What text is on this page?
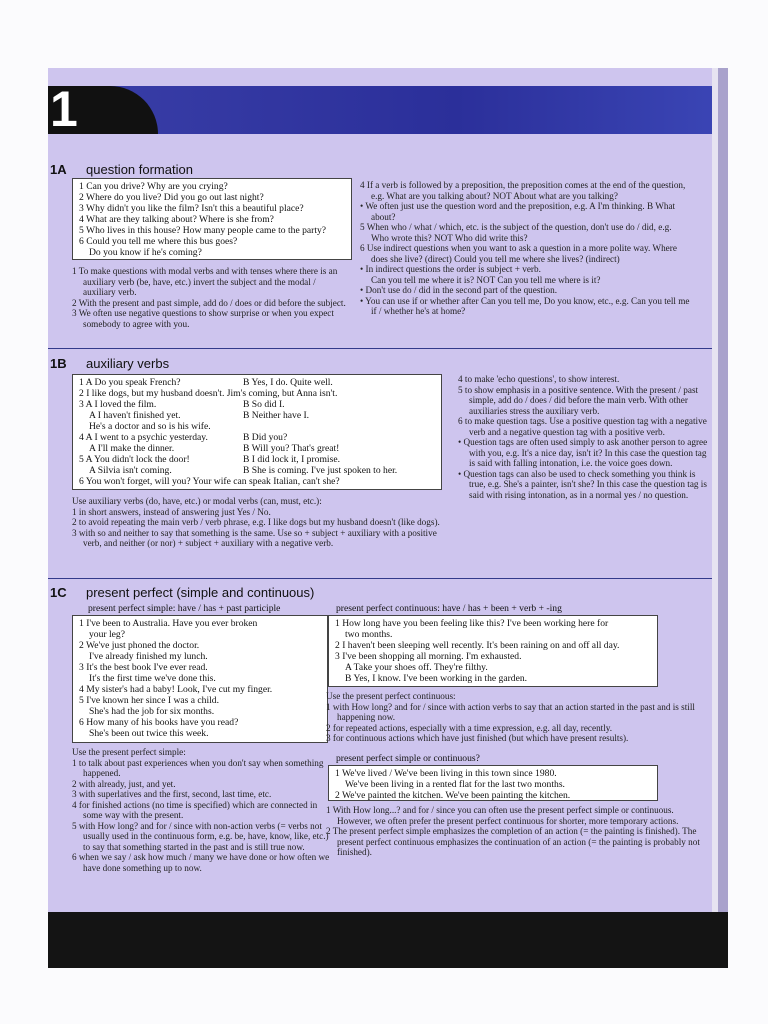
1
1A question formation
1 Can you drive? Why are you crying?
2 Where do you live? Did you go out last night?
3 Why didn't you like the film? Isn't this a beautiful place?
4 What are they talking about? Where is she from?
5 Who lives in this house? How many people came to the party?
6 Could you tell me where this bus goes?
Do you know if he's coming?

1 To make questions with modal verbs and with tenses where there is an auxiliary verb (be, have, etc.) invert the subject and the modal / auxiliary verb.

2 With the present and past simple, add do / does or did before the subject.

3 We often use negative questions to show surprise or when you expect somebody to agree with you.

4 If a verb is followed by a preposition, the preposition comes at the end of the question, e.g. What are you talking about? NOT About what are you talking?

• We often just use the question word and the preposition, e.g. A I'm thinking. B What about?

5 When who / what / which, etc. is the subject of the question, don't use do / did, e.g. Who wrote this? NOT Who did write this?

6 Use indirect questions when you want to ask a question in a more polite way. Where does she live? (direct) Could you tell me where she lives? (indirect)

• In indirect questions the order is subject + verb.

Can you tell me where it is? NOT Can you tell me where is it?

• Don't use do / did in the second part of the question.

• You can use if or whether after Can you tell me, Do you know, etc., e.g. Can you tell me if / whether he's at home?

1B auxiliary verbs
1 A Do you speak French?	B Yes, I do. Quite well.
2 I like dogs, but my husband doesn't. Jim's coming, but Anna isn't.
3 A I loved the film.	B So did I.
A I haven't finished yet.	B Neither have I.
He's a doctor and so is his wife.
4 A I went to a psychic yesterday.	B Did you?
A I'll make the dinner.	B Will you? That's great!
5 A You didn't lock the door!	B I did lock it, I promise.
A Silvia isn't coming.	B She is coming. I've just spoken to her.
6 You won't forget, will you? Your wife can speak Italian, can't she?

Use auxiliary verbs (do, have, etc.) or modal verbs (can, must, etc.):

1 in short answers, instead of answering just Yes / No.

2 to avoid repeating the main verb / verb phrase, e.g. I like dogs but my husband doesn't (like dogs).

3 with so and neither to say that something is the same. Use so + subject + auxiliary with a positive verb, and neither (or nor) + subject + auxiliary with a negative verb.

4 to make 'echo questions', to show interest.

5 to show emphasis in a positive sentence. With the present / past simple, add do / does / did before the main verb. With other auxiliaries stress the auxiliary verb.

6 to make question tags. Use a positive question tag with a negative verb and a negative question tag with a positive verb.

• Question tags are often used simply to ask another person to agree with you, e.g. It's a nice day, isn't it? In this case the question tag is said with falling intonation, i.e. the voice goes down.

• Question tags can also be used to check something you think is true, e.g. She's a painter, isn't she? In this case the question tag is said with rising intonation, as in a normal yes / no question.

1C present perfect (simple and continuous)
present perfect simple: have / has + past participle
1 I've been to Australia. Have you ever broken
your leg?
2 We've just phoned the doctor.
I've already finished my lunch.
3 It's the best book I've ever read.
It's the first time we've done this.
4 My sister's had a baby! Look, I've cut my finger.
5 I've known her since I was a child.
She's had the job for six months.
6 How many of his books have you read?
She's been out twice this week.

Use the present perfect simple:

1 to talk about past experiences when you don't say when something happened.

2 with already, just, and yet.

3 with superlatives and the first, second, last time, etc.

4 for finished actions (no time is specified) which are connected in some way with the present.

5 with How long? and for / since with non-action verbs (= verbs not usually used in the continuous form, e.g. be, have, know, like, etc.) to say that something started in the past and is still true now.

6 when we say / ask how much / many we have done or how often we have done something up to now.

present perfect continuous: have / has + been + verb + -ing
1 How long have you been feeling like this? I've been working here for
two months.
2 I haven't been sleeping well recently. It's been raining on and off all day.
3 I've been shopping all morning. I'm exhausted.
A Take your shoes off. They're filthy.
B Yes, I know. I've been working in the garden.

Use the present perfect continuous:

1 with How long? and for / since with action verbs to say that an action started in the past and is still happening now.

2 for repeated actions, especially with a time expression, e.g. all day, recently.

3 for continuous actions which have just finished (but which have present results).

present perfect simple or continuous?
1 We've lived / We've been living in this town since 1980.
We've been living in a rented flat for the last two months.
2 We've painted the kitchen. We've been painting the kitchen.

1 With How long...? and for / since you can often use the present perfect simple or continuous. However, we often prefer the present perfect continuous for shorter, more temporary actions.

2 The present perfect simple emphasizes the completion of an action (= the painting is finished). The present perfect continuous emphasizes the continuation of an action (= the painting is probably not finished).
